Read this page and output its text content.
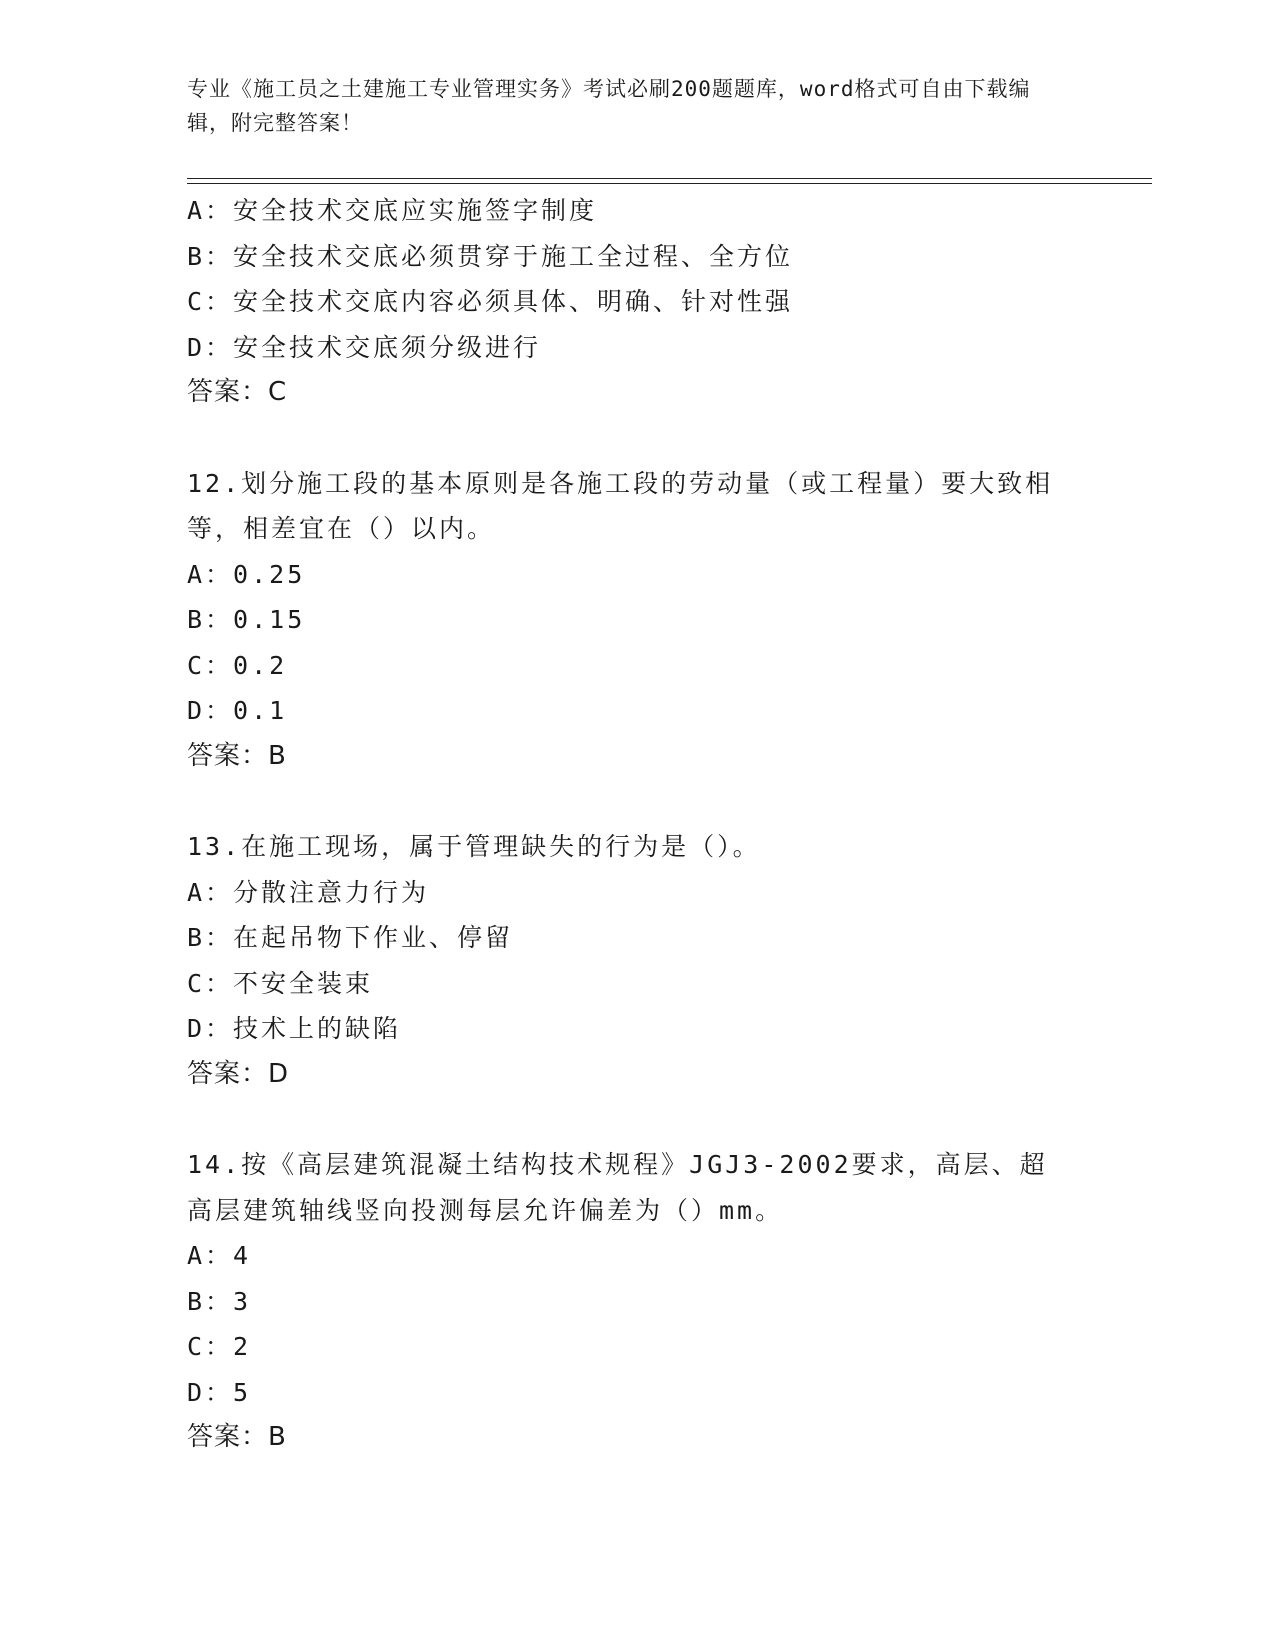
专业《施工员之土建施工专业管理实务》考试必刷200题题库，word格式可自由下载编辑，附完整答案！
A：安全技术交底应实施签字制度
B：安全技术交底必须贯穿于施工全过程、全方位
C：安全技术交底内容必须具体、明确、针对性强
D：安全技术交底须分级进行
答案：C
12.划分施工段的基本原则是各施工段的劳动量（或工程量）要大致相等，相差宜在（）以内。
A：0.25
B：0.15
C：0.2
D：0.1
答案：B
13.在施工现场，属于管理缺失的行为是（）。
A：分散注意力行为
B：在起吊物下作业、停留
C：不安全装束
D：技术上的缺陷
答案：D
14.按《高层建筑混凝土结构技术规程》JGJ3-2002要求，高层、超高层建筑轴线竖向投测每层允许偏差为（）mm。
A：4
B：3
C：2
D：5
答案：B
